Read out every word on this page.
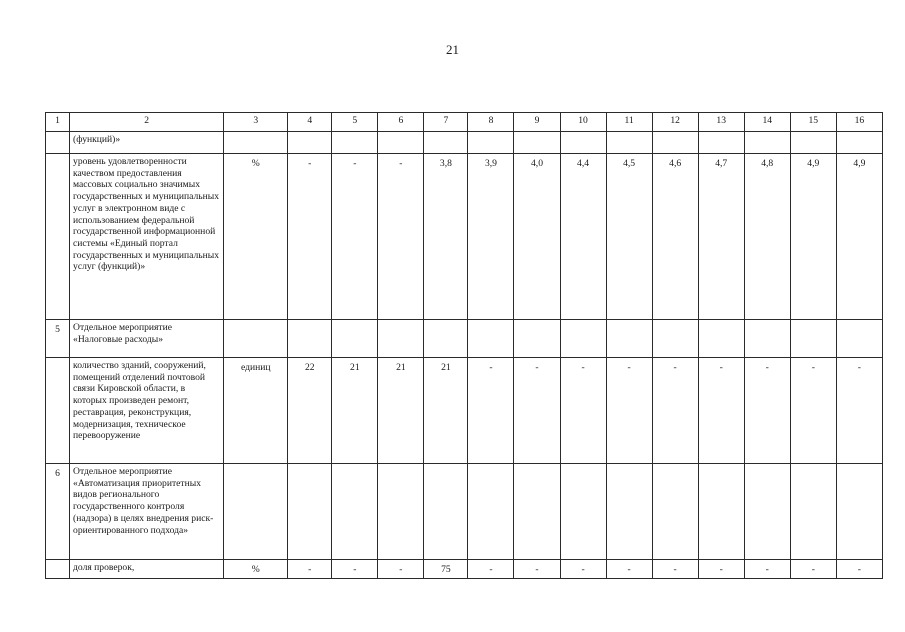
21
1	2	3	4	5	6	7	8	9	10	11	12	13	14	15	16
	(функций)»														
	уровень удовлетворенности качеством предоставления массовых социально значимых государственных и муниципальных услуг в электронном виде с использованием федеральной государственной информационной системы «Единый портал государственных и муниципальных услуг (функций)»	%	-	-	-	3,8	3,9	4,0	4,4	4,5	4,6	4,7	4,8	4,9	4,9
5	Отдельное мероприятие «Налоговые расходы»														
	количество зданий, сооружений, помещений отделений почтовой связи Кировской области, в которых произведен ремонт, реставрация, реконструкция, модернизация, техническое перевооружение	единиц	22	21	21	21	-	-	-	-	-	-	-	-	-
6	Отдельное мероприятие «Автоматизация приоритетных видов регионального государственного контроля (надзора) в целях внедрения риск-ориентированного подхода»														
	доля проверок,	%	-	-	-	75	-	-	-	-	-	-	-	-	-
